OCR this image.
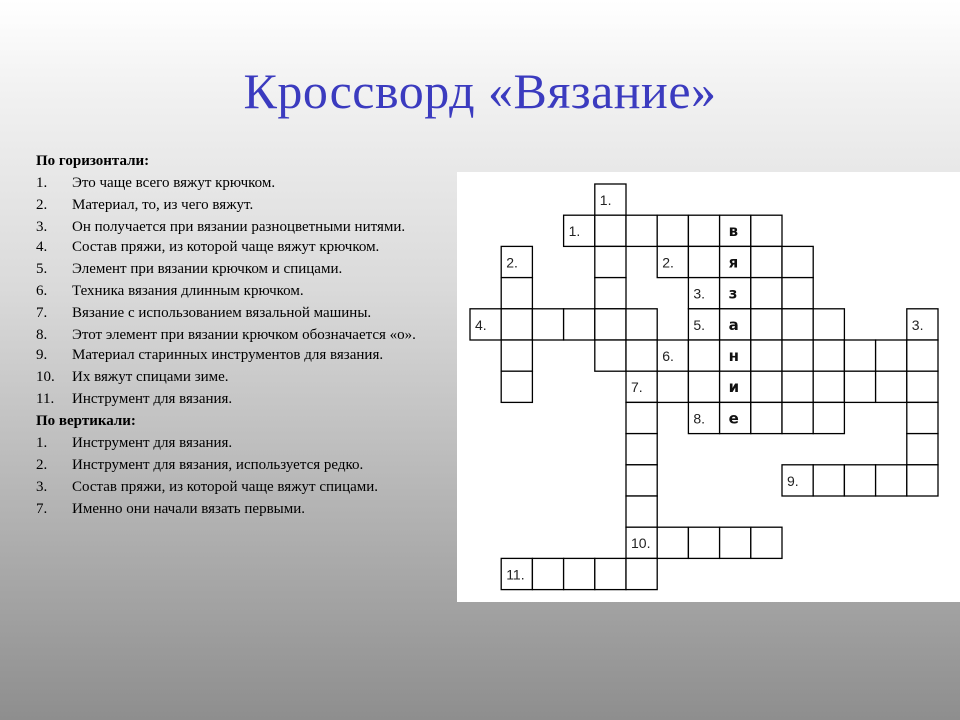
Кроссворд «Вязание»
По горизонтали:
1.	Это чаще всего вяжут крючком.
2.	Материал, то, из чего вяжут.
3.	Он получается при вязании разноцветными нитями.
4.	Состав пряжи, из которой чаще вяжут крючком.
5.	Элемент при вязании крючком и спицами.
6.	Техника вязания длинным крючком.
7.	Вязание с использованием вязальной машины.
8.	Этот элемент при вязании крючком обозначается «о».
9.	Материал старинных инструментов для вязания.
10.	Их вяжут спицами зиме.
11.	Инструмент для вязания.
По вертикали:
1.	Инструмент для вязания.
2.	Инструмент для вязания, используется редко.
3.	Состав пряжи, из которой чаще вяжут спицами.
7.	Именно они начали вязать первыми.
1.
1.
2.	2.
3.
4.	5.	3.
6.
7.
8.
9.
10.
11.
в
я
з
а
н
и
е
